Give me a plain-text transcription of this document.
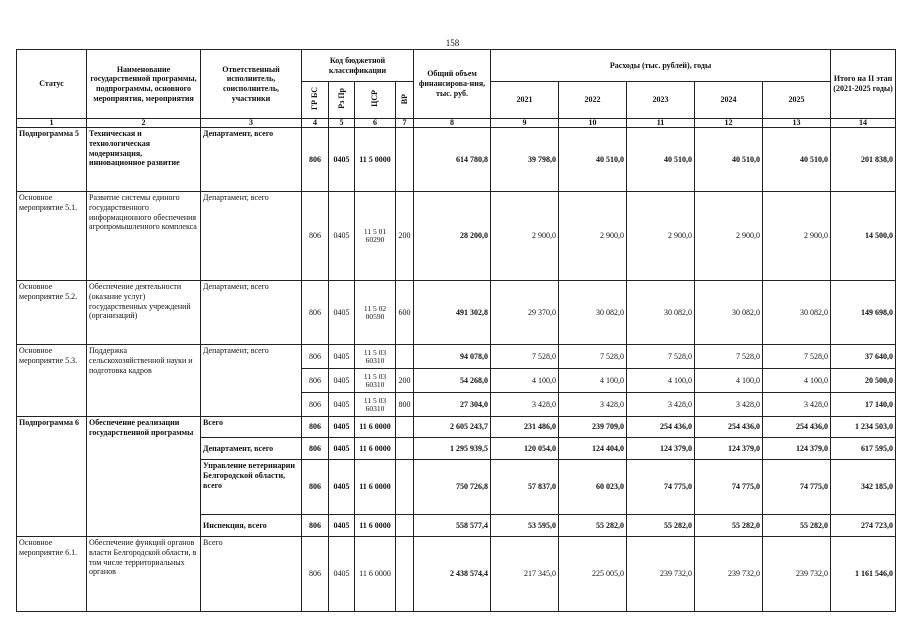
158
Статус	Наименование государственной программы, подпрограммы, основного мероприятия, мероприятия	Ответственный исполнитель, соисполнитель, участники	Код бюджетной классификации				Общий объем финансирова-ния, тыс. руб.	Расходы (тыс. рублей), годы					Итого на II этап (2021-2025 годы)
			ГР БС	Рз Пр	ЦСР	ВР		2021	2022	2023	2024	2025	
1	2	3	4	5	6	7	8	9	10	11	12	13	14
Подпрограмма 5	Техническая и технологическая модернизация, инновационное развитие	Департамент, всего	806	0405	11 5 0000		614 780,8	39 798,0	40 510,0	40 510,0	40 510,0	40 510,0	201 838,0
Основное мероприятие 5.1.	Развитие системы единого государственного информационного обеспечения агропромышленного комплекса	Департамент, всего	806	0405	11 5 01 60290	200	28 200,0	2 900,0	2 900,0	2 900,0	2 900,0	2 900,0	14 500,0
Основное мероприятие 5.2.	Обеспечение деятельности (оказание услуг) государственных учреждений (организаций)	Департамент, всего	806	0405	11 5 02 00590	600	491 302,8	29 370,0	30 082,0	30 082,0	30 082,0	30 082,0	149 698,0
Основное мероприятие 5.3.	Поддержка сельскохозяйственной науки и подготовка кадров	Департамент, всего	806	0405	11 5 03 60310		94 078,0	7 528,0	7 528,0	7 528,0	7 528,0	7 528,0	37 640,0
			806	0405	11 5 03 60310	200	54 268,0	4 100,0	4 100,0	4 100,0	4 100,0	4 100,0	20 500,0
			806	0405	11 5 03 60310	800	27 304,0	3 428,0	3 428,0	3 428,0	3 428,0	3 428,0	17 140,0
Подпрограмма 6	Обеспечение реализации государственной программы	Всего	806	0405	11 6 0000		2 605 243,7	231 486,0	239 709,0	254 436,0	254 436,0	254 436,0	1 234 503,0
		Департамент, всего	806	0405	11 6 0000		1 295 939,5	120 054,0	124 404,0	124 379,0	124 379,0	124 379,0	617 595,0
		Управление ветеринарии Белгородской области, всего	806	0405	11 6 0000		750 726,8	57 837,0	60 023,0	74 775,0	74 775,0	74 775,0	342 185,0
		Инспекция, всего	806	0405	11 6 0000		558 577,4	53 595,0	55 282,0	55 282,0	55 282,0	55 282,0	274 723,0
Основное мероприятие 6.1.	Обеспечение функций органов власти Белгородской области, в том числе территориальных органов	Всего	806	0405	11 6 0000		2 438 574,4	217 345,0	225 005,0	239 732,0	239 732,0	239 732,0	1 161 546,0
